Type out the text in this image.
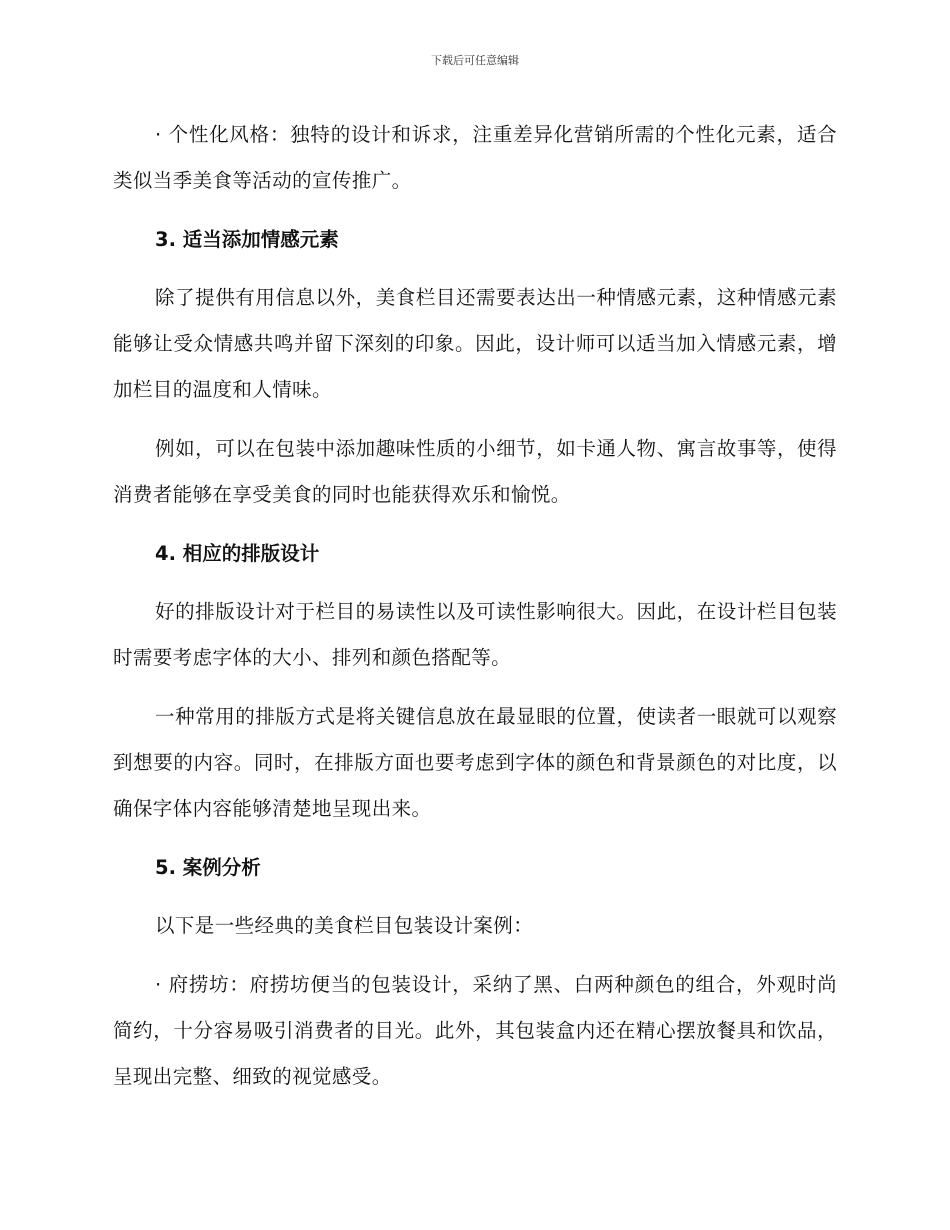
下载后可任意编辑

· 个性化风格：独特的设计和诉求，注重差异化营销所需的个性化元素，适合类似当季美食等活动的宣传推广。

3. 适当添加情感元素

除了提供有用信息以外，美食栏目还需要表达出一种情感元素，这种情感元素能够让受众情感共鸣并留下深刻的印象。因此，设计师可以适当加入情感元素，增加栏目的温度和人情味。

例如，可以在包装中添加趣味性质的小细节，如卡通人物、寓言故事等，使得消费者能够在享受美食的同时也能获得欢乐和愉悦。

4. 相应的排版设计

好的排版设计对于栏目的易读性以及可读性影响很大。因此，在设计栏目包装时需要考虑字体的大小、排列和颜色搭配等。

一种常用的排版方式是将关键信息放在最显眼的位置，使读者一眼就可以观察到想要的内容。同时，在排版方面也要考虑到字体的颜色和背景颜色的对比度，以确保字体内容能够清楚地呈现出来。

5. 案例分析

以下是一些经典的美食栏目包装设计案例：

· 府捞坊：府捞坊便当的包装设计，采纳了黑、白两种颜色的组合，外观时尚简约，十分容易吸引消费者的目光。此外，其包装盒内还在精心摆放餐具和饮品，呈现出完整、细致的视觉感受。
